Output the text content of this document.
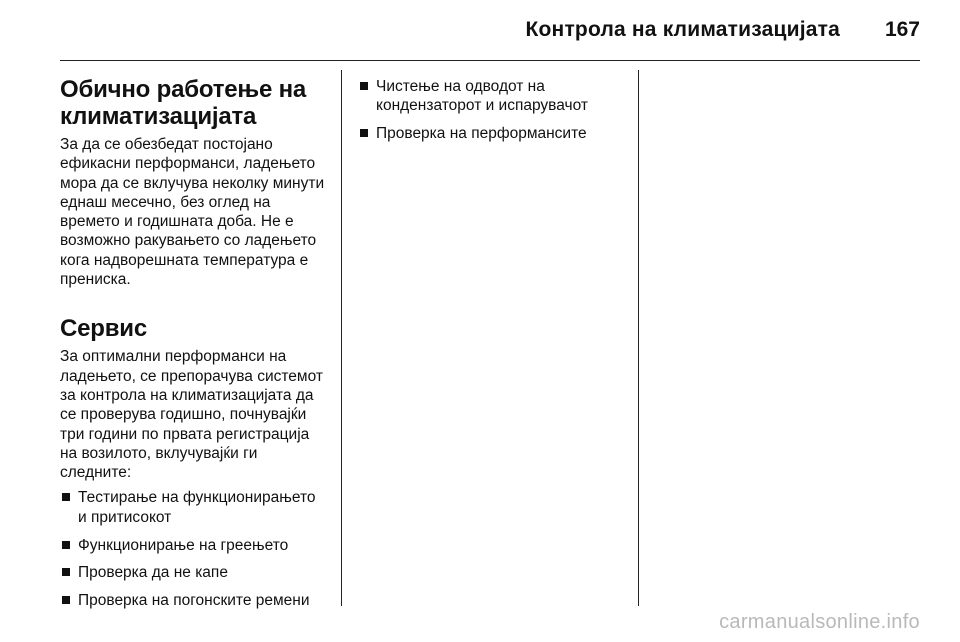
Контрола на климатизацијата 167
Обично работење на климатизацијата

За да се обезбедат постојано ефикасни перформанси, ладењето мора да се вклучува неколку минути еднаш месечно, без оглед на времето и годишната доба. Не е возможно ракувањето со ладењето кога надворешната температура е прениска.

Сервис

За оптимални перформанси на ладењето, се препорачува системот за контрола на климатизацијата да се проверува годишно, почнувајќи три години по првата регистрација на возилото, вклучувајќи ги следните:

Тестирање на функционирањето и притисокот
Функционирање на греењето
Проверка да не капе
Проверка на погонските ремени
Чистење на одводот на кондензаторот и испарувачот
Проверка на перформансите
carmanualsonline.info
